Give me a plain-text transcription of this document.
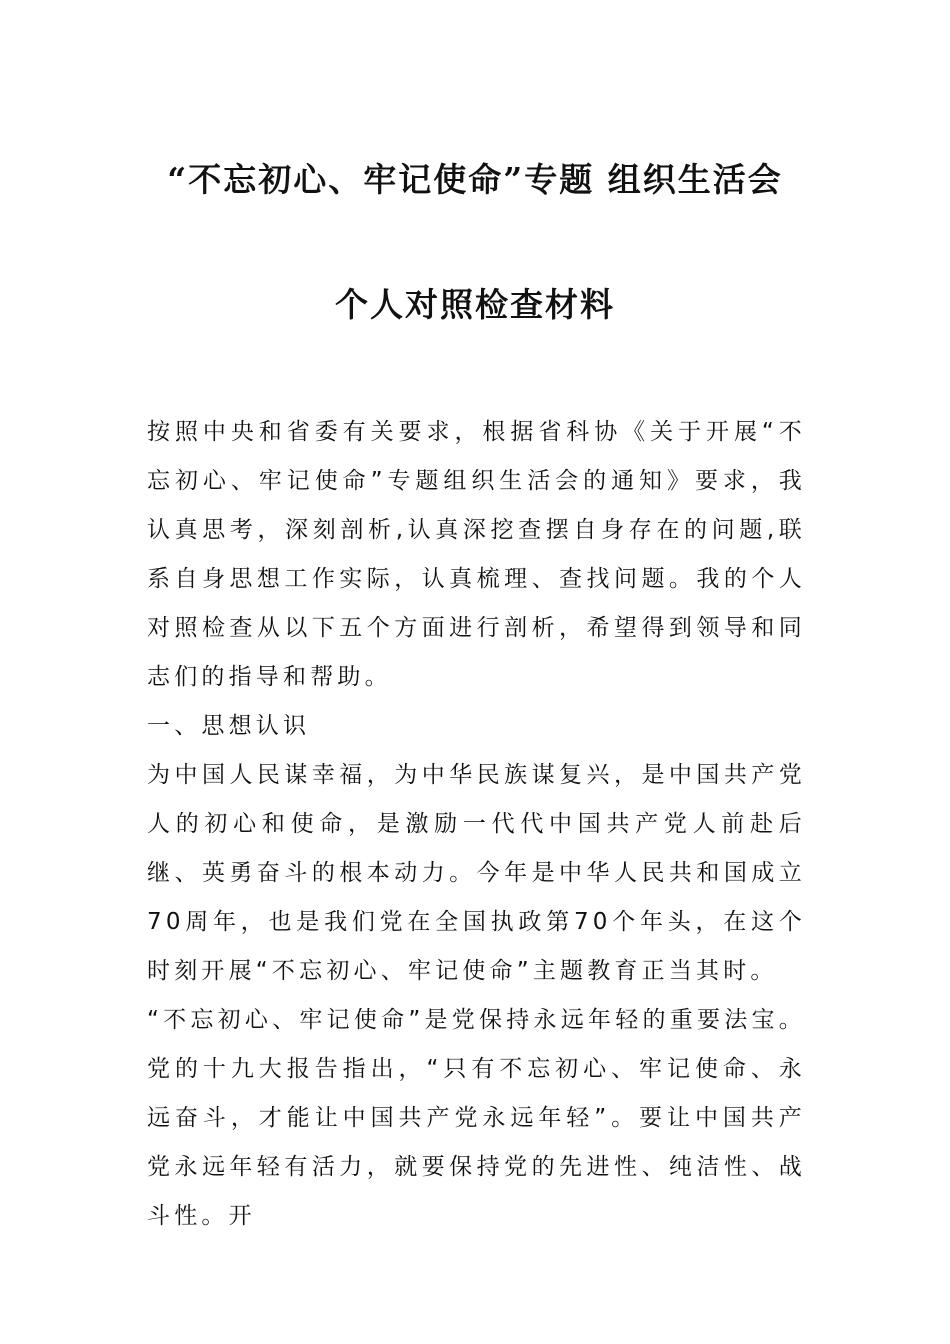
“不忘初心、牢记使命”专题 组织生活会
个人对照检查材料

按照中央和省委有关要求，根据省科协《关于开展“不忘初心、牢记使命”专题组织生活会的通知》要求，我认真思考，深刻剖析,认真深挖查摆自身存在的问题,联系自身思想工作实际，认真梳理、查找问题。我的个人对照检查从以下五个方面进行剖析，希望得到领导和同志们的指导和帮助。

一、思想认识

为中国人民谋幸福，为中华民族谋复兴，是中国共产党人的初心和使命，是激励一代代中国共产党人前赴后继、英勇奋斗的根本动力。今年是中华人民共和国成立70周年，也是我们党在全国执政第70个年头，在这个时刻开展“不忘初心、牢记使命”主题教育正当其时。

“不忘初心、牢记使命”是党保持永远年轻的重要法宝。党的十九大报告指出，“只有不忘初心、牢记使命、永远奋斗，才能让中国共产党永远年轻”。要让中国共产党永远年轻有活力，就要保持党的先进性、纯洁性、战斗性。开
